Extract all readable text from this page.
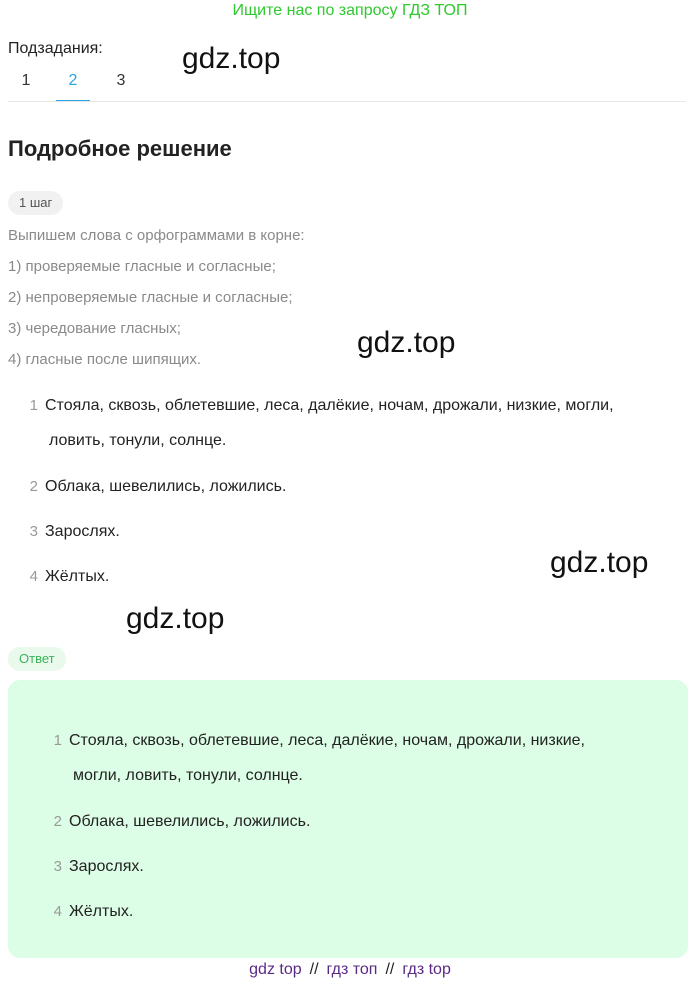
Ищите нас по запросу ГДЗ ТОП
Подзадания:
1	2	3
gdz.top
Подробное решение
1 шаг
Выпишем слова с орфограммами в корне:
1) проверяемые гласные и согласные;
2) непроверяемые гласные и согласные;
3) чередование гласных;
4) гласные после шипящих.
gdz.top
1 Стояла, сквозь, облетевшие, леса, далёкие, ночам, дрожали, низкие, могли,
ловить, тонули, солнце.
2 Облака, шевелились, ложились.
3 Зарослях.
4 Жёлтых.	gdz.top
gdz.top
Ответ
1 Стояла, сквозь, облетевшие, леса, далёкие, ночам, дрожали, низкие,
могли, ловить, тонули, солнце.
2 Облака, шевелились, ложились.
3 Зарослях.
4 Жёлтых.
gdz top // гдз топ // гдз top
